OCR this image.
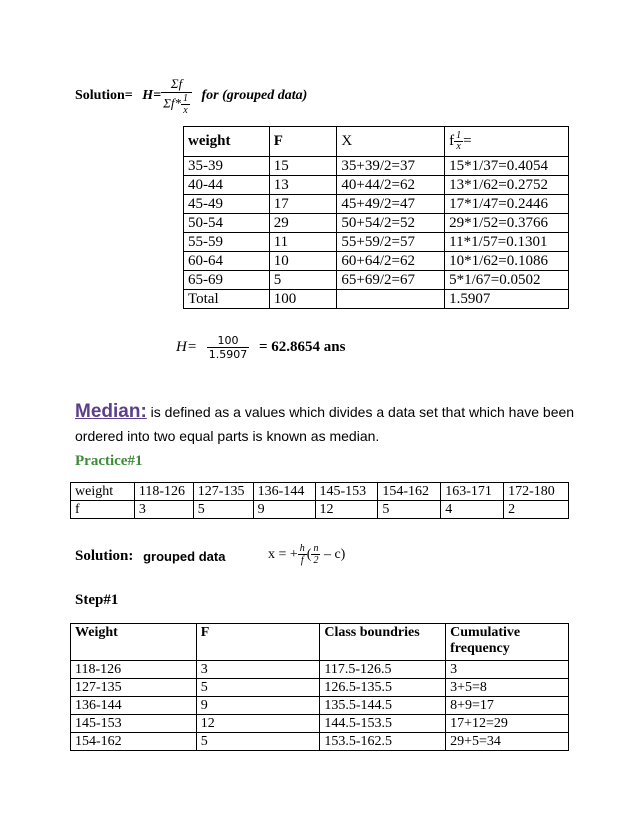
Solution= $H= \frac{\Sigma f}{\Sigma f* \frac{1}{x}}$ for (grouped data)
weight	F	X	f $\frac{1}{x}$ =
35-39	15	35+39/2=37	15*1/37=0.4054
40-44	13	40+44/2=62	13*1/62=0.2752
45-49	17	45+49/2=47	17*1/47=0.2446
50-54	29	50+54/2=52	29*1/52=0.3766
55-59	11	55+59/2=57	11*1/57=0.1301
60-64	10	60+64/2=62	10*1/62=0.1086
65-69	5	65+69/2=67	5*1/67=0.0502
Total	100		1.5907
$H= \frac{100}{1.5907} = 62.8654$ ans
Median: is defined as a values which divides a data set that which have been
ordered into two equal parts is known as median.
Practice#1
weight	118-126	127-135	136-144	145-153	154-162	163-171	172-180
f	3	5	9	12	5	4	2
Solution: grouped data	x = + $\frac{h}{f}$ ( $\frac{n}{2} - c$)
Step#1
Weight	F	Class boundries	Cumulative frequency
118-126	3	117.5-126.5	3
127-135	5	126.5-135.5	3+5=8
136-144	9	135.5-144.5	8+9=17
145-153	12	144.5-153.5	17+12=29
154-162	5	153.5-162.5	29+5=34
